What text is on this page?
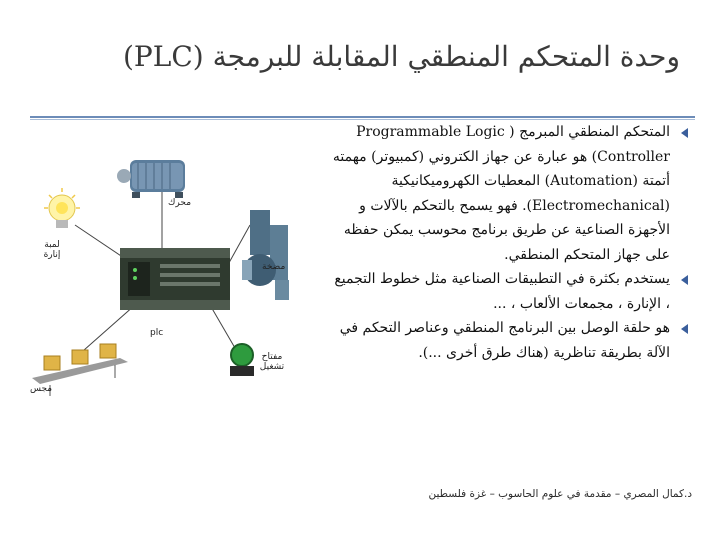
وحدة المتحكم المنطقي المقابلة للبرمجة (PLC)
المتحكم المنطقي المبرمج ( Programmable Logic Controller) هو عبارة عن جهاز الكتروني (كمبيوتر) مهمته أتمتة (Automation) المعطيات الكهروميكانيكية (Electromechanical). فهو يسمح بالتحكم بالآلات و الأجهزة الصناعية عن طريق برنامج محوسب يمكن حفظه على جهاز المتحكم المنطقي.
يستخدم بكثرة في التطبيقات الصناعية مثل خطوط التجميع ، الإنارة ، مجمعات الألعاب ، ...
هو حلقة الوصل بين البرنامج المنطقي وعناصر التحكم في الآلة بطريقة تناظرية (هناك طرق أخرى ...).
محرك
لمبة إنارة
مضخة
plc
مفتاح تشغيل
مجس
د.كمال المصري – مقدمة في علوم الحاسوب – غزة فلسطين
